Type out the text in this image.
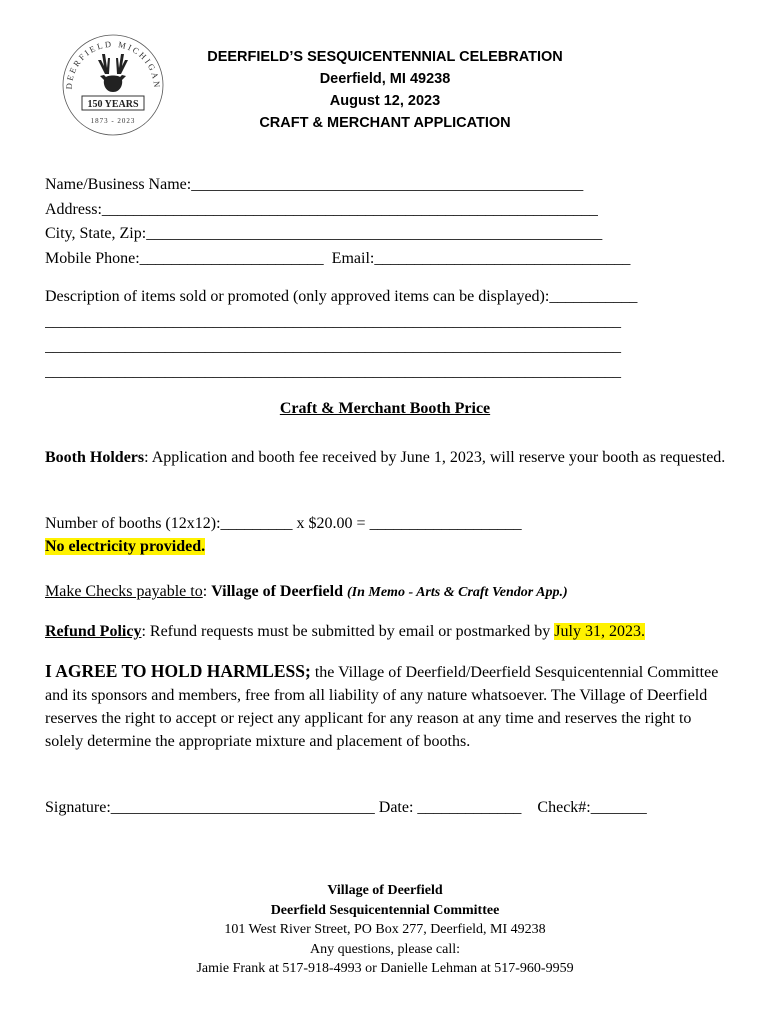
DEERFIELD MICHIGAN
150 YEARS
1873 - 2023
DEERFIELD’S SESQUICENTENNIAL CELEBRATION
Deerfield, MI 49238
August 12, 2023
CRAFT & MERCHANT APPLICATION
Name/Business Name:_________________________________________________
Address:______________________________________________________________
City, State, Zip:_________________________________________________________
Mobile Phone:_______________________ Email:________________________________
Description of items sold or promoted (only approved items can be displayed):___________
________________________________________________________________________
________________________________________________________________________
________________________________________________________________________
Craft & Merchant Booth Price
Booth Holders: Application and booth fee received by June 1, 2023, will reserve your booth as requested.
Number of booths (12x12):_________ x $20.00 = ___________________
No electricity provided.
Make Checks payable to: Village of Deerfield (In Memo - Arts & Craft Vendor App.)
Refund Policy: Refund requests must be submitted by email or postmarked by July 31, 2023.
I AGREE TO HOLD HARMLESS; the Village of Deerfield/Deerfield Sesquicentennial Committee and its sponsors and members, free from all liability of any nature whatsoever. The Village of Deerfield reserves the right to accept or reject any applicant for any reason at any time and reserves the right to solely determine the appropriate mixture and placement of booths.
Signature:_________________________________ Date: _____________ Check#:_______
Village of Deerfield
Deerfield Sesquicentennial Committee
101 West River Street, PO Box 277, Deerfield, MI 49238
Any questions, please call:
Jamie Frank at 517-918-4993 or Danielle Lehman at 517-960-9959
